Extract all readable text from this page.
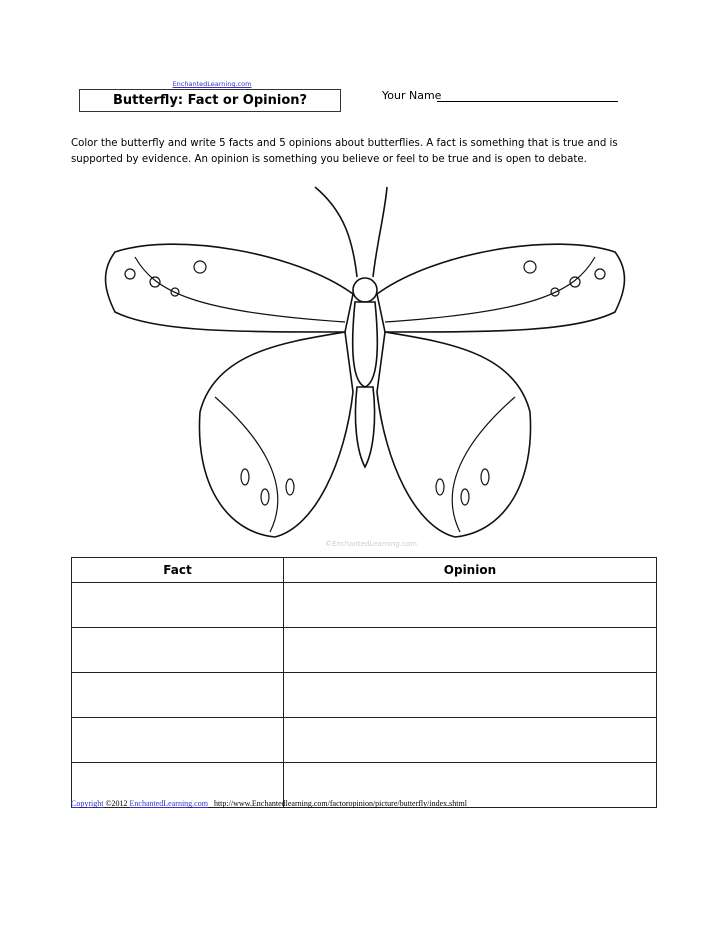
EnchantedLearning.com
Butterfly: Fact or Opinion?	Your Name
Color the butterfly and write 5 facts and 5 opinions about butterflies. A fact is something that is true and is supported by evidence. An opinion is something you believe or feel to be true and is open to debate.
©EnchantedLearning.com
Fact	Opinion

Copyright ©2012 EnchantedLearning.com http://www.Enchantedlearning.com/factoropinion/picture/butterfly/index.shtml
